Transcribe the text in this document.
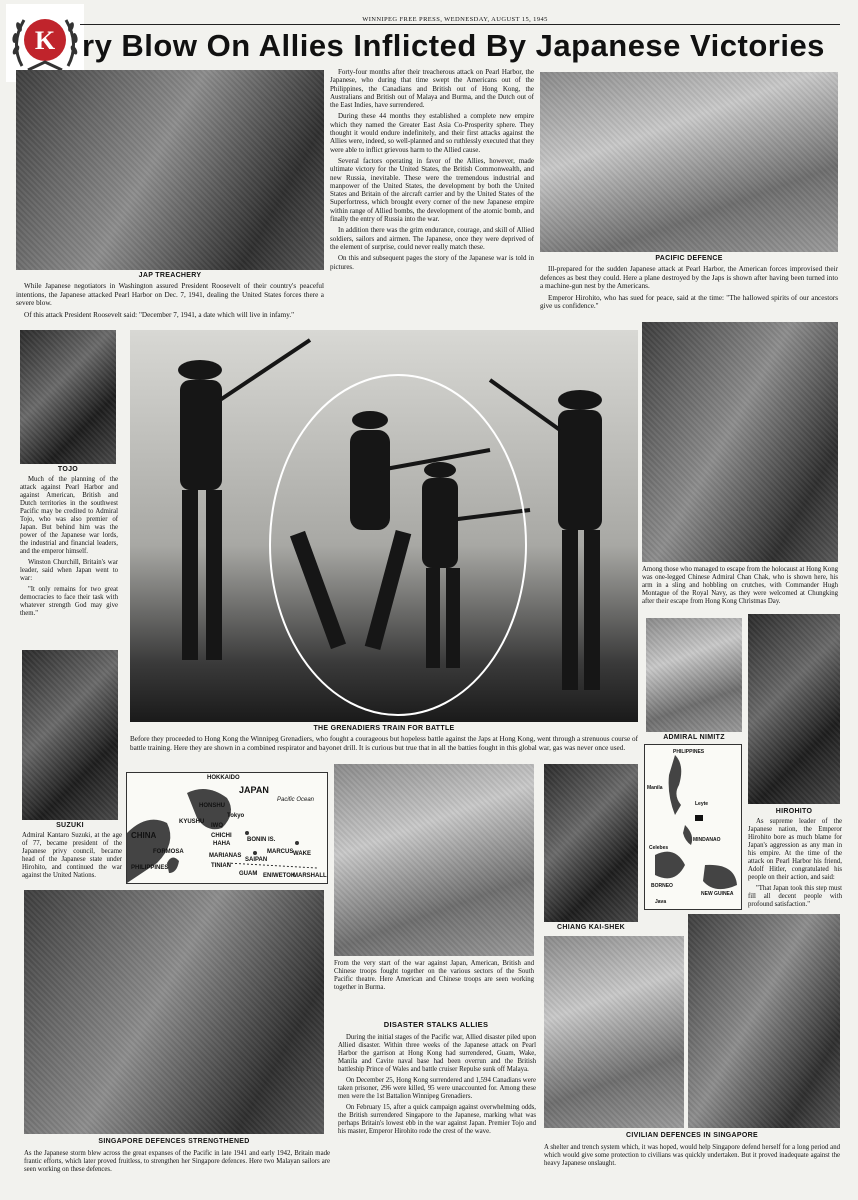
K
WINNIPEG FREE PRESS, WEDNESDAY, AUGUST 15, 1945
ry Blow On Allies Inflicted By Japanese Victories
JAP TREACHERY

While Japanese negotiators in Washington assured President Roosevelt of their country's peaceful intentions, the Japanese attacked Pearl Harbor on Dec. 7, 1941, dealing the United States forces there a severe blow.

Of this attack President Roosevelt said: "December 7, 1941, a date which will live in infamy."

Forty-four months after their treacherous attack on Pearl Harbor, the Japanese, who during that time swept the Americans out of the Philippines, the Canadians and British out of Hong Kong, the Australians and British out of Malaya and Burma, and the Dutch out of the East Indies, have surrendered.

During these 44 months they established a complete new empire which they named the Greater East Asia Co-Prosperity sphere. They thought it would endure indefinitely, and their first attacks against the Allies were, indeed, so well-planned and so ruthlessly executed that they were able to inflict grievous harm to the Allied cause.

Several factors operating in favor of the Allies, however, made ultimate victory for the United States, the British Commonwealth, and new Russia, inevitable. These were the tremendous industrial and manpower of the United States, the development by both the United States and Britain of the aircraft carrier and by the United States of the Superfortress, which brought every corner of the new Japanese empire within range of Allied bombs, the development of the atomic bomb, and finally the entry of Russia into the war.

In addition there was the grim endurance, courage, and skill of Allied soldiers, sailors and airmen. The Japanese, once they were deprived of the element of surprise, could never really match these.

On this and subsequent pages the story of the Japanese war is told in pictures.

PACIFIC DEFENCE

Ill-prepared for the sudden Japanese attack at Pearl Harbor, the American forces improvised their defences as best they could. Here a plane destroyed by the Japs is shown after having been turned into a machine-gun nest by the Americans.

Emperor Hirohito, who has sued for peace, said at the time: "The hallowed spirits of our ancestors give us confidence."

TOJO

Much of the planning of the attack against Pearl Harbor and against American, British and Dutch territories in the southwest Pacific may be credited to Admiral Tojo, who was also premier of Japan. But behind him was the power of the Japanese war lords, the industrial and financial leaders, and the emperor himself.

Winston Churchill, Britain's war leader, said when Japan went to war:

"It only remains for two great democracies to face their task with whatever strength God may give them."

THE GRENADIERS TRAIN FOR BATTLE
Before they proceeded to Hong Kong the Winnipeg Grenadiers, who fought a courageous but hopeless battle against the Japs at Hong Kong, went through a strenuous course of battle training. Here they are shown in a combined respirator and bayonet drill. It is curious but true that in all the batties fought in this global war, gas was never once used.
Among those who managed to escape from the holocaust at Hong Kong was one-legged Chinese Admiral Chan Chak, who is shown here, his arm in a sling and hobbling on crutches, with Commander Hugh Montague of the Royal Navy, as they were welcomed at Chungking after their escape from Hong Kong Christmas Day.
ADMIRAL NIMITZ
HIROHITO

As supreme leader of the Japanese nation, the Emperor Hirohito bore as much blame for Japan's aggression as any man in his empire. At the time of the attack on Pearl Harbor his friend, Adolf Hitler, congratulated his people on their action, and said:

"That Japan took this step must fill all decent people with profound satisfaction."

SUZUKI
Admiral Kantaro Suzuki, at the age of 77, became president of the Japanese privy council, became head of the Japanese state under Hirohito, and continued the war against the United Nations.
JAPAN
HOKKAIDO
HONSHU
Tokyo
KYUSHU
CHINA
FORMOSA
CHICHI
HAHA
BONIN IS.
MARIANAS
SAIPAN
TINIAN
GUAM
MARCUS WAKE
PHILIPPINES
ENIWETOK
MARSHALL
Pacific Ocean
IWO
From the very start of the war against Japan, American, British and Chinese troops fought together on the various sectors of the South Pacific theatre. Here American and Chinese troops are seen working together in Burma.
CHIANG KAI-SHEK
PHILIPPINES
Manila
Leyte
MINDANAO
Celebes
BORNEO
NEW GUINEA
Java
SINGAPORE DEFENCES STRENGTHENED
As the Japanese storm blew across the great expanses of the Pacific in late 1941 and early 1942, Britain made frantic efforts, which later proved fruitless, to strengthen her Singapore defences. Here two Malayan sailors are seen working on these defences.
DISASTER STALKS ALLIES

During the initial stages of the Pacific war, Allied disaster piled upon Allied disaster. Within three weeks of the Japanese attack on Pearl Harbor the garrison at Hong Kong had surrendered, Guam, Wake, Manila and Cavite naval base had been overrun and the British battleship Prince of Wales and battle cruiser Repulse sunk off Malaya.

On December 25, Hong Kong surrendered and 1,594 Canadians were taken prisoner, 296 were killed, 95 were unaccounted for. Among these men were the 1st Battalion Winnipeg Grenadiers.

On February 15, after a quick campaign against overwhelming odds, the British surrendered Singapore to the Japanese, marking what was perhaps Britain's lowest ebb in the war against Japan. Premier Tojo and his master, Emperor Hirohito rode the crest of the wave.

CIVILIAN DEFENCES IN SINGAPORE
A shelter and trench system which, it was hoped, would help Singapore defend herself for a long period and which would give some protection to civilians was quickly undertaken. But it proved inadequate against the heavy Japanese onslaught.
